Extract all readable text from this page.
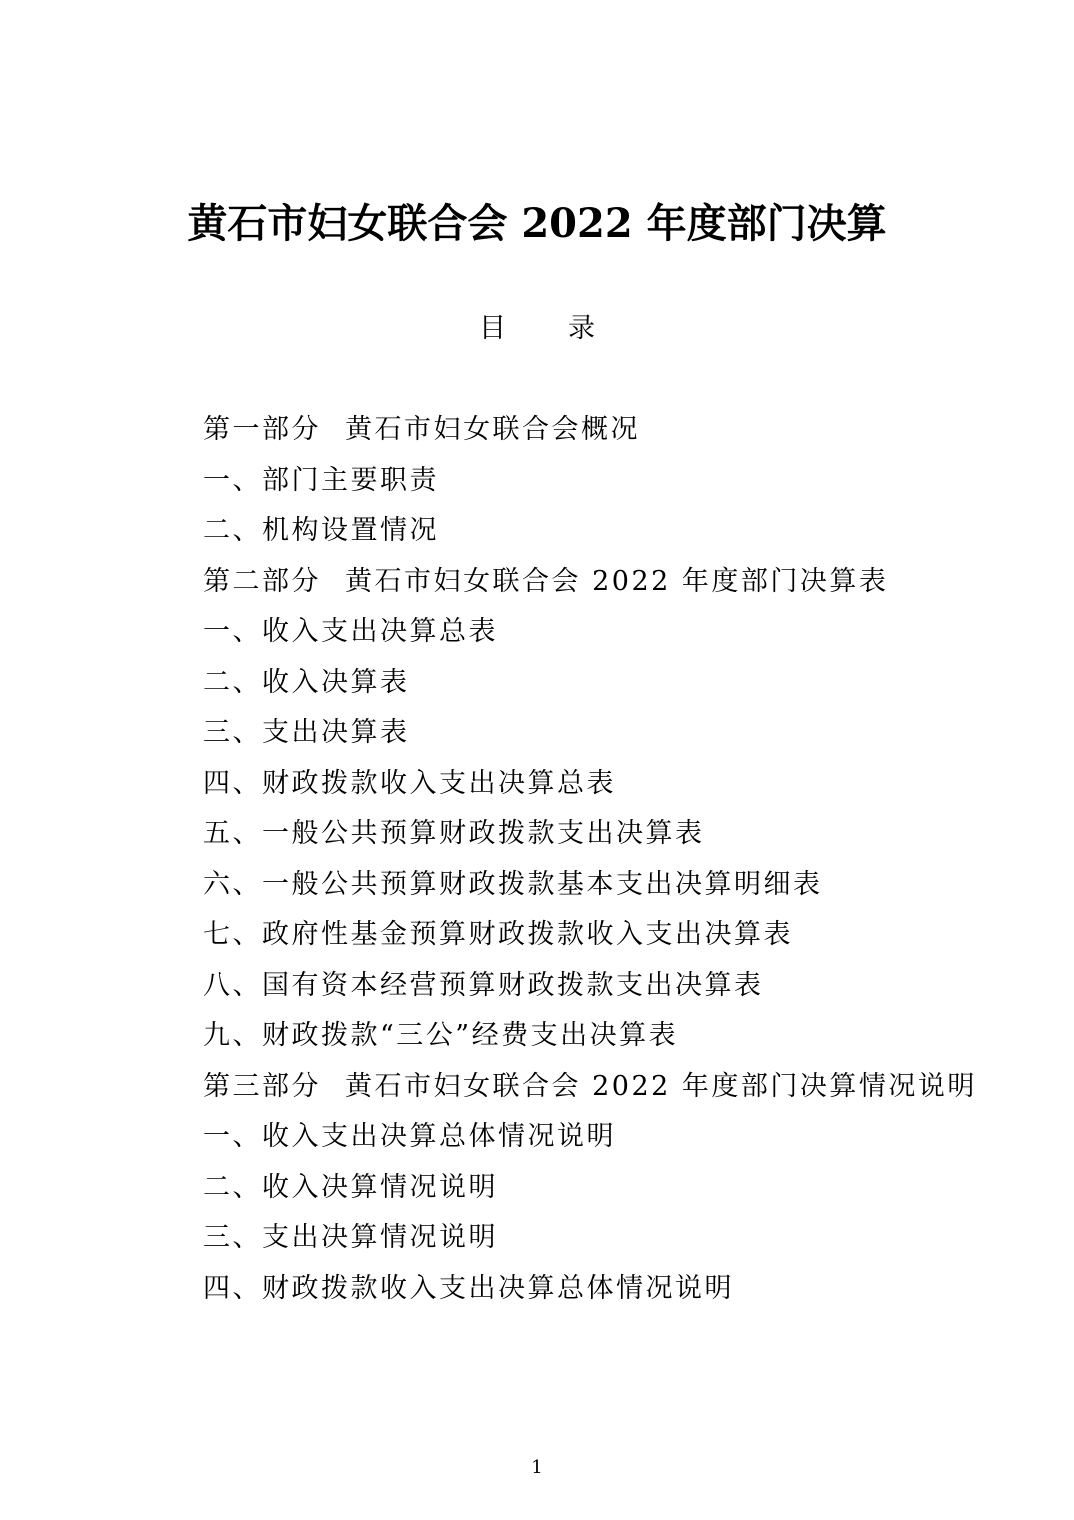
黄石市妇女联合会 2022 年度部门决算
目 录
第一部分 黄石市妇女联合会概况
一、部门主要职责
二、机构设置情况
第二部分 黄石市妇女联合会 2022 年度部门决算表
一、收入支出决算总表
二、收入决算表
三、支出决算表
四、财政拨款收入支出决算总表
五、一般公共预算财政拨款支出决算表
六、一般公共预算财政拨款基本支出决算明细表
七、政府性基金预算财政拨款收入支出决算表
八、国有资本经营预算财政拨款支出决算表
九、财政拨款“三公”经费支出决算表
第三部分 黄石市妇女联合会 2022 年度部门决算情况说明
一、收入支出决算总体情况说明
二、收入决算情况说明
三、支出决算情况说明
四、财政拨款收入支出决算总体情况说明
1
